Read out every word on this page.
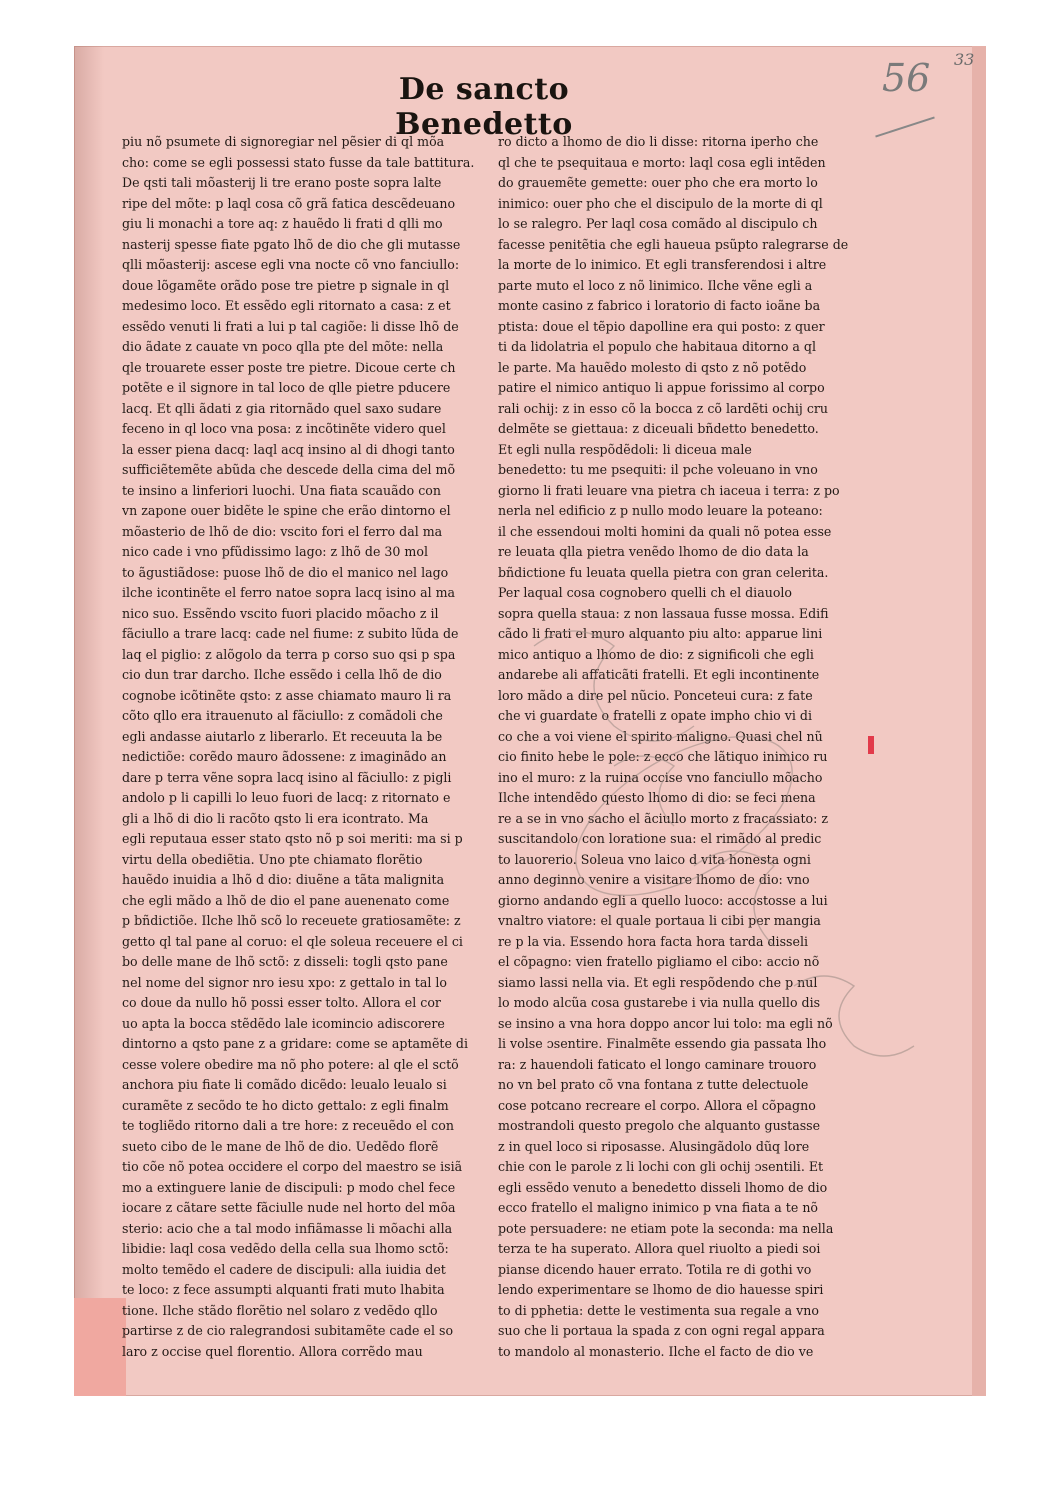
56 33
De sancto Benedetto
piu nõ psumete di signoregiar nel pẽsier di ql mõa
cho: come se egli possessi stato fusse da tale battitura.
De qsti tali mõasterij li tre erano poste sopra lalte
ripe del mõte: p laql cosa cõ grã fatica descẽdeuano
giu li monachi a tore aq: z hauẽdo li frati d qlli mo
nasterij spesse fiate pgato lhõ de dio che gli mutasse
qlli mõasterij: ascese egli vna nocte cõ vno fanciullo:
doue lõgamẽte orãdo pose tre pietre p signale in ql
medesimo loco. Et essẽdo egli ritornato a casa: z et
essẽdo venuti li frati a lui p tal cagiõe: li disse lhõ de
dio ãdate z cauate vn poco qlla pte del mõte: nella
qle trouarete esser poste tre pietre. Dicoue certe ch
potẽte e il signore in tal loco de qlle pietre pducere
lacq. Et qlli ãdati z gia ritornãdo quel saxo sudare
feceno in ql loco vna posa: z incõtinẽte videro quel
la esser piena dacq: laql acq insino al di dhogi tanto
sufficiẽtemẽte abũda che descede della cima del mõ
te insino a linferiori luochi. Una fiata scauãdo con
vn zapone ouer bidẽte le spine che erão dintorno el
mõasterio de lhõ de dio: vscito fori el ferro dal ma
nico cade i vno pfũdissimo lago: z lhõ de 30 mol
to ãgustiãdose: puose lhõ de dio el manico nel lago
ilche icontinẽte el ferro natoe sopra lacq isino al ma
nico suo. Essẽndo vscito fuori placido mõacho z il
fãciullo a trare lacq: cade nel fiume: z subito lũda de
laq el piglio: z alõgolo da terra p corso suo qsi p spa
cio dun trar darcho. Ilche essẽdo i cella lhõ de dio
cognobe icõtinẽte qsto: z asse chiamato mauro li ra
cõto qllo era itrauenuto al fãciullo: z comãdoli che
egli andasse aiutarlo z liberarlo. Et receuuta la be
nedictiõe: corẽdo mauro ãdossene: z imaginãdo an
dare p terra vẽne sopra lacq isino al fãciullo: z pigli
andolo p li capilli lo leuo fuori de lacq: z ritornato e
gli a lhõ di dio li racõto qsto li era icontrato. Ma
egli reputaua esser stato qsto nõ p soi meriti: ma si p
virtu della obediẽtia. Uno pte chiamato florẽtio
hauẽdo inuidia a lhõ d dio: diuẽne a tãta malignita
che egli mãdo a lhõ de dio el pane auenenato come
p bñdictiõe. Ilche lhõ scõ lo receuete gratiosamẽte: z
getto ql tal pane al coruo: el qle soleua receuere el ci
bo delle mane de lhõ sctõ: z disseli: togli qsto pane
nel nome del signor nro iesu xpo: z gettalo in tal lo
co doue da nullo hõ possi esser tolto. Allora el cor
uo apta la bocca stẽdẽdo lale icomincio adiscorere
dintorno a qsto pane z a gridare: come se aptamẽte di
cesse volere obedire ma nõ pho potere: al qle el sctõ
anchora piu fiate li comãdo dicẽdo: leualo leualo si
curamẽte z secõdo te ho dicto gettalo: z egli finalm
te togliẽdo ritorno dali a tre hore: z receuẽdo el con
sueto cibo de le mane de lhõ de dio. Uedẽdo florẽ
tio cõe nõ potea occidere el corpo del maestro se isiã
mo a extinguere lanie de discipuli: p modo chel fece
iocare z cãtare sette fãciulle nude nel horto del mõa
sterio: acio che a tal modo infiãmasse li mõachi alla
libidie: laql cosa vedẽdo della cella sua lhomo sctõ:
molto temẽdo el cadere de discipuli: alla iuidia det
te loco: z fece assumpti alquanti frati muto lhabita
tione. Ilche stãdo florẽtio nel solaro z vedẽdo qllo
partirse z de cio ralegrandosi subitamẽte cade el so
laro z occise quel florentio. Allora corrẽdo mau
ro dicto a lhomo de dio li disse: ritorna iperho che
ql che te psequitaua e morto: laql cosa egli intẽden
do grauemẽte gemette: ouer pho che era morto lo
inimico: ouer pho che el discipulo de la morte di ql
lo se ralegro. Per laql cosa comãdo al discipulo ch
facesse penitẽtia che egli haueua psũpto ralegrarse de
la morte de lo inimico. Et egli transferendosi i altre
parte muto el loco z nõ linimico. Ilche vẽne egli a
monte casino z fabrico i loratorio di facto ioãne ba
ptista: doue el tẽpio dapolline era qui posto: z quer
ti da lidolatria el populo che habitaua ditorno a ql
le parte. Ma hauẽdo molesto di qsto z nõ potẽdo
patire el nimico antiquo li appue forissimo al corpo
rali ochij: z in esso cõ la bocca z cõ lardẽti ochij cru
delmẽte se giettaua: z diceuali bñdetto benedetto.
Et egli nulla respõdẽdoli: li diceua male
benedetto: tu me psequiti: il pche voleuano in vno
giorno li frati leuare vna pietra ch iaceua i terra: z po
nerla nel edificio z p nullo modo leuare la poteano:
il che essendoui molti homini da quali nõ potea esse
re leuata qlla pietra venẽdo lhomo de dio data la
bñdictione fu leuata quella pietra con gran celerita.
Per laqual cosa cognobero quelli ch el diauolo
sopra quella staua: z non lassaua fusse mossa. Edifi
cãdo li frati el muro alquanto piu alto: apparue lini
mico antiquo a lhomo de dio: z significoli che egli
andarebe ali affaticãti fratelli. Et egli incontinente
loro mãdo a dire pel nũcio. Ponceteui cura: z fate
che vi guardate o fratelli z opate impho chio vi di
co che a voi viene el spirito maligno. Quasi chel nũ
cio finito hebe le pole: z ecco che lãtiquo inimico ru
ino el muro: z la ruina occise vno fanciullo mõacho
Ilche intendẽdo questo lhomo di dio: se feci mena
re a se in vno sacho el ãciullo morto z fracassiato: z
suscitandolo con loratione sua: el rimãdo al predic
to lauorerio. Soleua vno laico d vita honesta ogni
anno deginno venire a visitare lhomo de dio: vno
giorno andando egli a quello luoco: accostosse a lui
vnaltro viatore: el quale portaua li cibi per mangia
re p la via. Essendo hora facta hora tarda disseli
el cõpagno: vien fratello pigliamo el cibo: accio nõ
siamo lassi nella via. Et egli respõdendo che p nul
lo modo alcũa cosa gustarebe i via nulla quello dis
se insino a vna hora doppo ancor lui tolo: ma egli nõ
li volse ɔsentire. Finalmẽte essendo gia passata lho
ra: z hauendoli faticato el longo caminare trouoro
no vn bel prato cõ vna fontana z tutte delectuole
cose potcano recreare el corpo. Allora el cõpagno
mostrandoli questo pregolo che alquanto gustasse
z in quel loco si riposasse. Alusingãdolo dũq lore
chie con le parole z li lochi con gli ochij ɔsentili. Et
egli essẽdo venuto a benedetto disseli lhomo de dio
ecco fratello el maligno inimico p vna fiata a te nõ
pote persuadere: ne etiam pote la seconda: ma nella
terza te ha superato. Allora quel riuolto a piedi soi
pianse dicendo hauer errato. Totila re di gothi vo
lendo experimentare se lhomo de dio hauesse spiri
to di pphetia: dette le vestimenta sua regale a vno
suo che li portaua la spada z con ogni regal appara
to mandolo al monasterio. Ilche el facto de dio ve
